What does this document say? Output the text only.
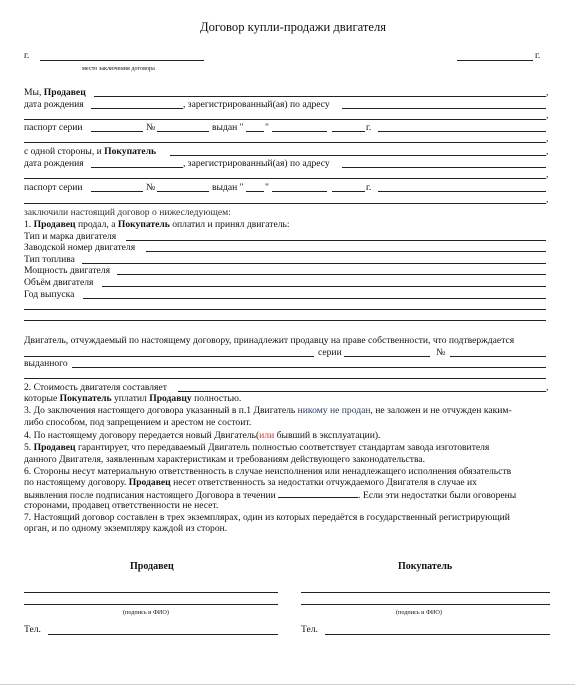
Договор купли-продажи двигателя
г.
место заключения договора
г.
Мы, Продавец	,
дата рождения	, зарегистрированный(ая) по адресу
,
паспорт серии	№	выдан " "	г.
,
с одной стороны, и Покупатель	,
дата рождения	, зарегистрированный(ая) по адресу
,
паспорт серии	№	выдан " "	г.
,
заключили настоящий договор о нижеследующем:
1. Продавец продал, а Покупатель оплатил и принял двигатель:
Тип и марка двигателя
Заводской номер двигателя
Тип топлива
Мощность двигателя
Объём двигателя
Год выпуска
Двигатель, отчуждаемый по настоящему договору, принадлежит продавцу на праве собственности, что подтверждается
серии	№
выданного
2. Стоимость двигателя составляет	,
которые Покупатель уплатил Продавцу полностью.
3. До заключения настоящего договора указанный в п.1 Двигатель никому не продан, не заложен и не отчужден каким-
либо способом, под запрещением и арестом не состоит.
4. По настоящему договору передается новый Двигатель(или бывший в эксплуатации).
5. Продавец гарантирует, что передаваемый Двигатель полностью соответствует стандартам завода изготовителя
данного Двигателя, заявленным характеристикам и требованиям действующего законодательства.
6. Стороны несут материальную ответственность в случае неисполнения или ненадлежащего исполнения обязательств
по настоящему договору. Продавец несет ответственность за недостатки отчуждаемого Двигателя в случае их
выявления после подписания настоящего Договора в течении	. Если эти недостатки были оговорены
сторонами, продавец ответственности не несет.
7. Настоящий договор составлен в трех экземплярах, один из которых передаётся в государственный регистрирующий
орган, и по одному экземпляру каждой из сторон.
Продавец	Покупатель
(подпись и ФИО)	(подпись и ФИО)
Тел.	Тел.
